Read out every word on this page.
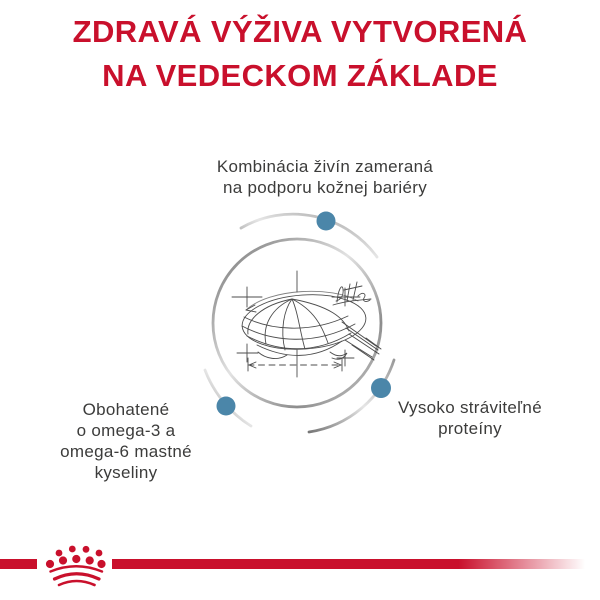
ZDRAVÁ VÝŽIVA VYTVORENÁ
NA VEDECKOM ZÁKLADE
Kombinácia živín zameraná
na podporu kožnej bariéry
Obohatené
o omega-3 a
omega-6 mastné
kyseliny
Vysoko stráviteľné
proteíny
